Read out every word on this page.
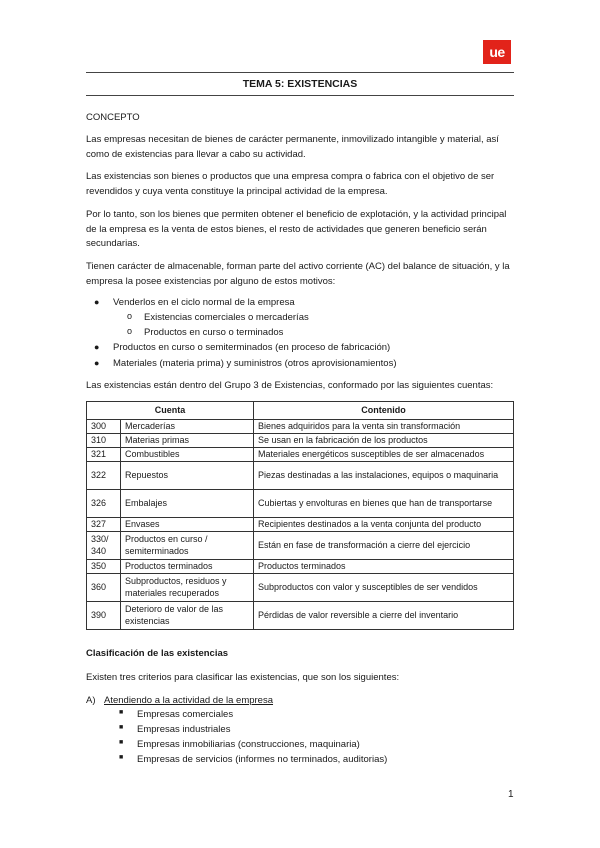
ue
TEMA 5: EXISTENCIAS
CONCEPTO

Las empresas necesitan de bienes de carácter permanente, inmovilizado intangible y material, así como de existencias para llevar a cabo su actividad.

Las existencias son bienes o productos que una empresa compra o fabrica con el objetivo de ser revendidos y cuya venta constituye la principal actividad de la empresa.

Por lo tanto, son los bienes que permiten obtener el beneficio de explotación, y la actividad principal de la empresa es la venta de estos bienes, el resto de actividades que generen beneficio serán secundarias.

Tienen carácter de almacenable, forman parte del activo corriente (AC) del balance de situación, y la empresa la posee existencias por alguno de estos motivos:

● Venderlos en el ciclo normal de la empresa
o Existencias comerciales o mercaderías
o Productos en curso o terminados
● Productos en curso o semiterminados (en proceso de fabricación)
● Materiales (materia prima) y suministros (otros aprovisionamientos)
Las existencias están dentro del Grupo 3 de Existencias, conformado por las siguientes cuentas:
Cuenta		Contenido
300	Mercaderías	Bienes adquiridos para la venta sin transformación
310	Materias primas	Se usan en la fabricación de los productos
321	Combustibles	Materiales energéticos susceptibles de ser almacenados
322	Repuestos	Piezas destinadas a las instalaciones, equipos o maquinaria
326	Embalajes	Cubiertas y envolturas en bienes que han de transportarse
327	Envases	Recipientes destinados a la venta conjunta del producto
330/ 340	Productos en curso / semiterminados	Están en fase de transformación a cierre del ejercicio
350	Productos terminados	Productos terminados
360	Subproductos, residuos y materiales recuperados	Subproductos con valor y susceptibles de ser vendidos
390	Deterioro de valor de las existencias	Pérdidas de valor reversible a cierre del inventario
Clasificación de las existencias
Existen tres criterios para clasificar las existencias, que son los siguientes:
A) Atendiendo a la actividad de la empresa
■ Empresas comerciales
■ Empresas industriales
■ Empresas inmobiliarias (construcciones, maquinaria)
■ Empresas de servicios (informes no terminados, auditorias)
1
